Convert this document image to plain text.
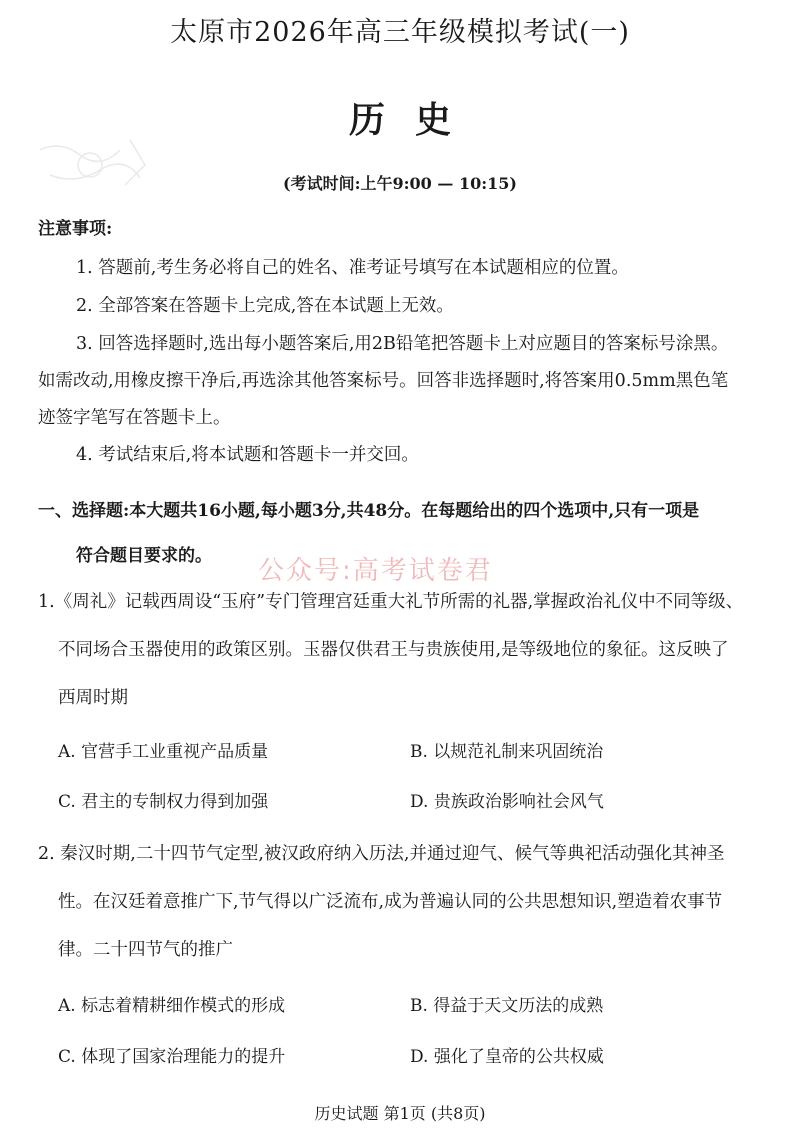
太原市2026年高三年级模拟考试(一)
历史
(考试时间:上午9:00 — 10:15)
注意事项:
1. 答题前,考生务必将自己的姓名、准考证号填写在本试题相应的位置。
2. 全部答案在答题卡上完成,答在本试题上无效。
3. 回答选择题时,选出每小题答案后,用2B铅笔把答题卡上对应题目的答案标号涂黑。
如需改动,用橡皮擦干净后,再选涂其他答案标号。回答非选择题时,将答案用0.5mm黑色笔
迹签字笔写在答题卡上。
4. 考试结束后,将本试题和答题卡一并交回。
一、选择题:本大题共16小题,每小题3分,共48分。在每题给出的四个选项中,只有一项是
符合题目要求的。 公众号:高考试卷君
1.《周礼》记载西周设“玉府”专门管理宫廷重大礼节所需的礼器,掌握政治礼仪中不同等级、
不同场合玉器使用的政策区别。玉器仅供君王与贵族使用,是等级地位的象征。这反映了
西周时期
A. 官营手工业重视产品质量	B. 以规范礼制来巩固统治
C. 君主的专制权力得到加强	D. 贵族政治影响社会风气
2. 秦汉时期,二十四节气定型,被汉政府纳入历法,并通过迎气、候气等典祀活动强化其神圣
性。在汉廷着意推广下,节气得以广泛流布,成为普遍认同的公共思想知识,塑造着农事节
律。二十四节气的推广
A. 标志着精耕细作模式的形成	B. 得益于天文历法的成熟
C. 体现了国家治理能力的提升	D. 强化了皇帝的公共权威
历史试题 第1页 (共8页)
